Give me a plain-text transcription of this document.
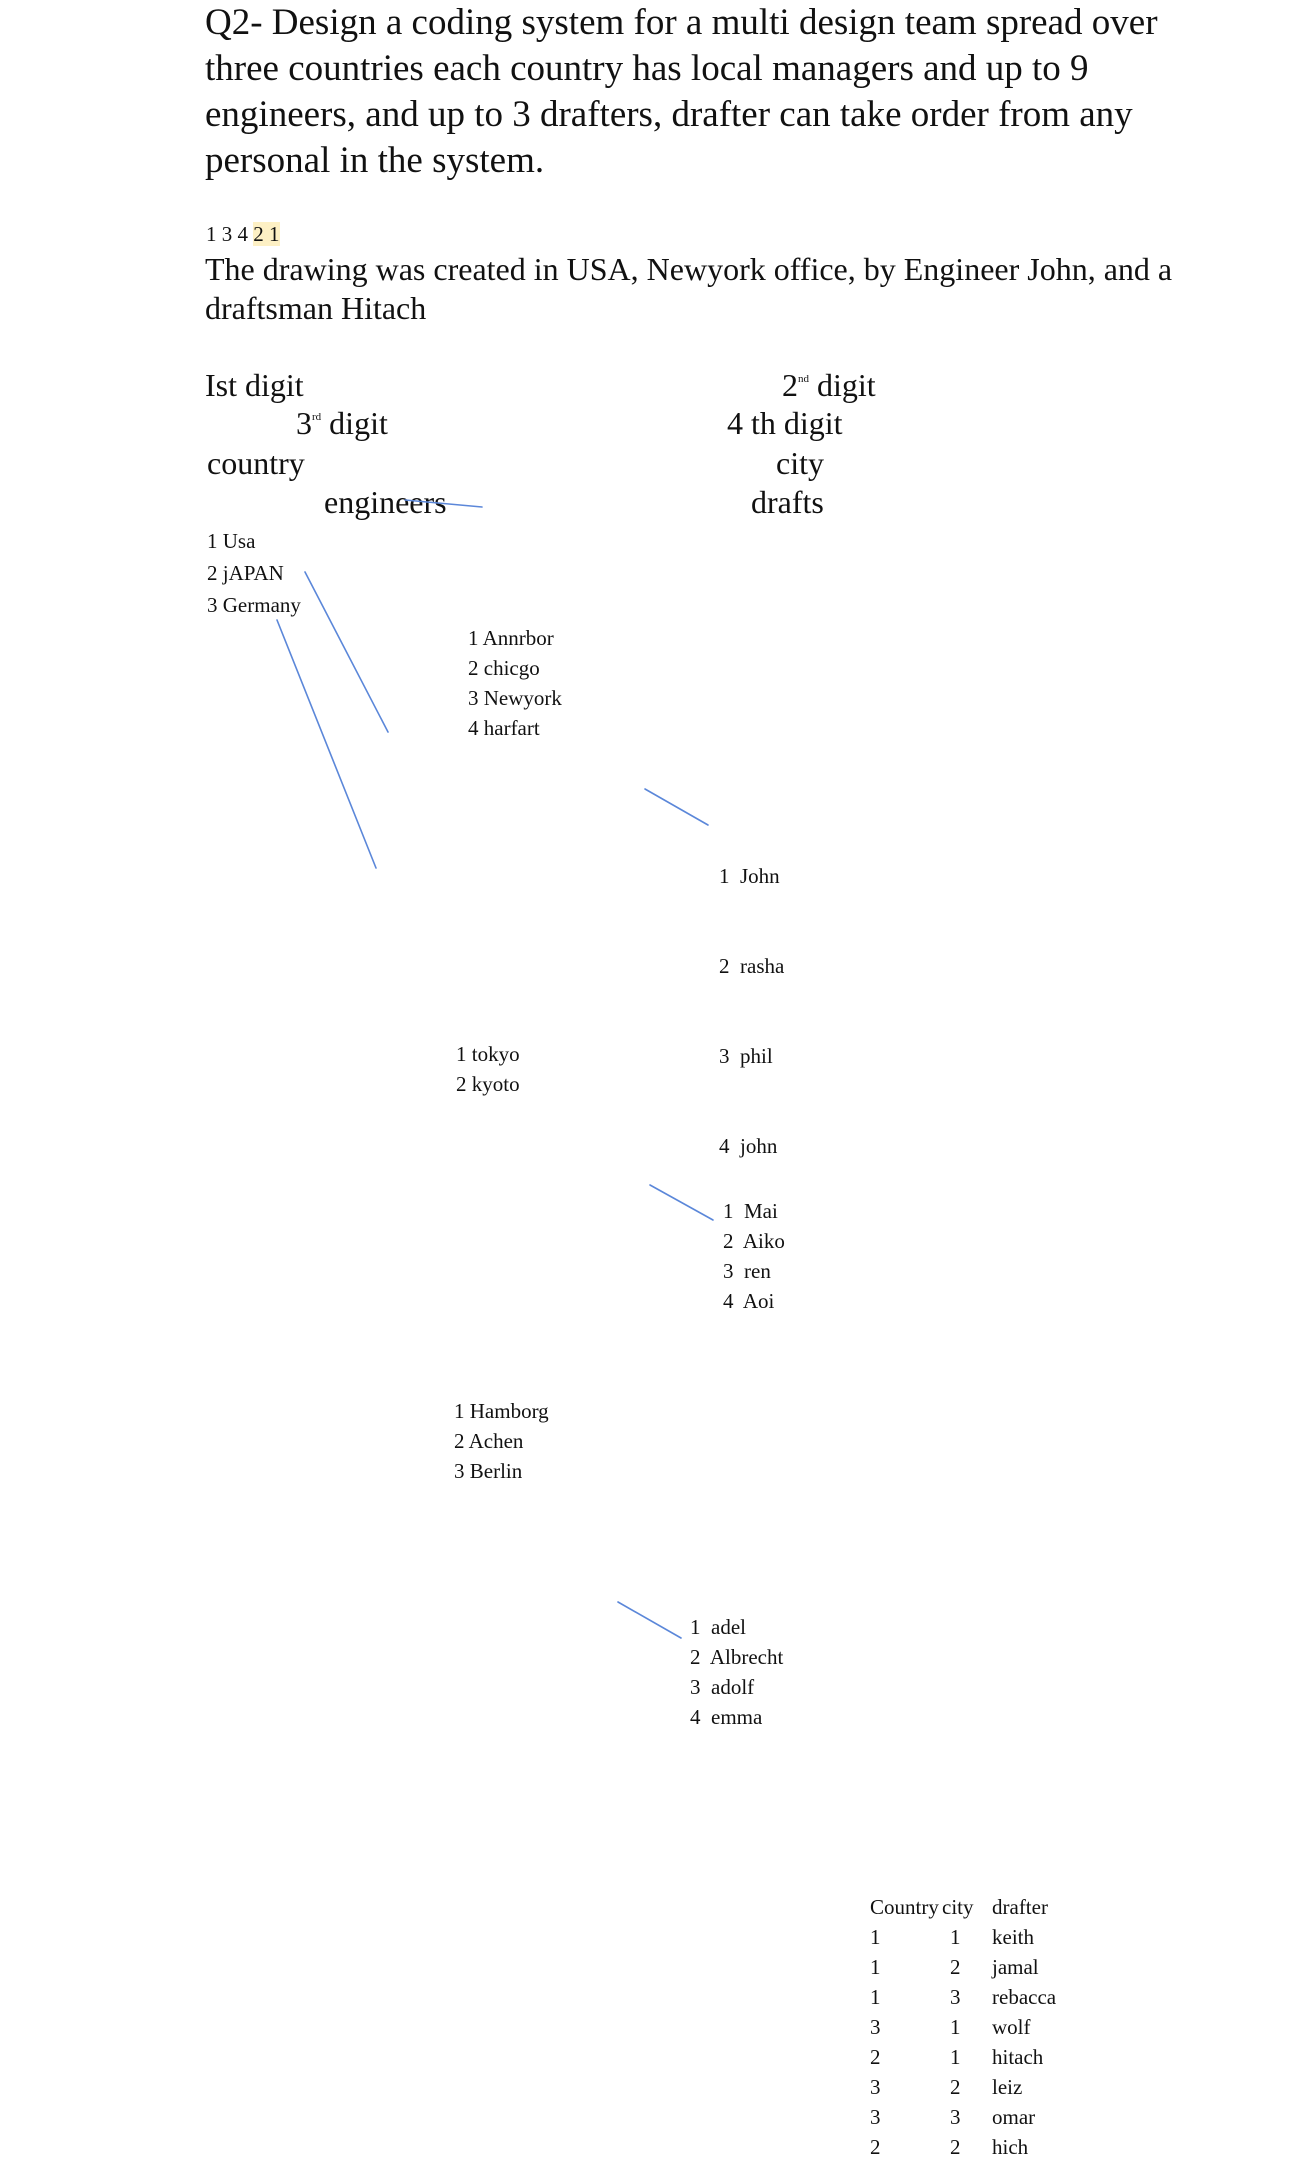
Q2- Design a coding system for a multi design team spread over three countries each country has local managers and up to 9 engineers, and up to 3 drafters, drafter can take order from any personal in the system.
1 3 4 2 1
The drawing was created in USA, Newyork office, by Engineer John, and a draftsman Hitach
Ist digit	2nd digit
3rd digit	4 th digit
country	city
engineers	drafts
1 Usa
2 jAPAN
3 Germany
1 Annrbor
2 chicgo
3 Newyork
4 harfart

1  John

2  rasha

3  phil

4  john

1 tokyo
2 kyoto
1  Mai
2  Aiko
3  ren
4  Aoi
1 Hamborg
2 Achen
3 Berlin
1  adel
2  Albrecht
3  adolf
4  emma
Country	city	drafter
1	1	keith
1	2	jamal
1	3	rebacca
3	1	wolf
2	1	hitach
3	2	leiz
3	3	omar
2	2	hich
